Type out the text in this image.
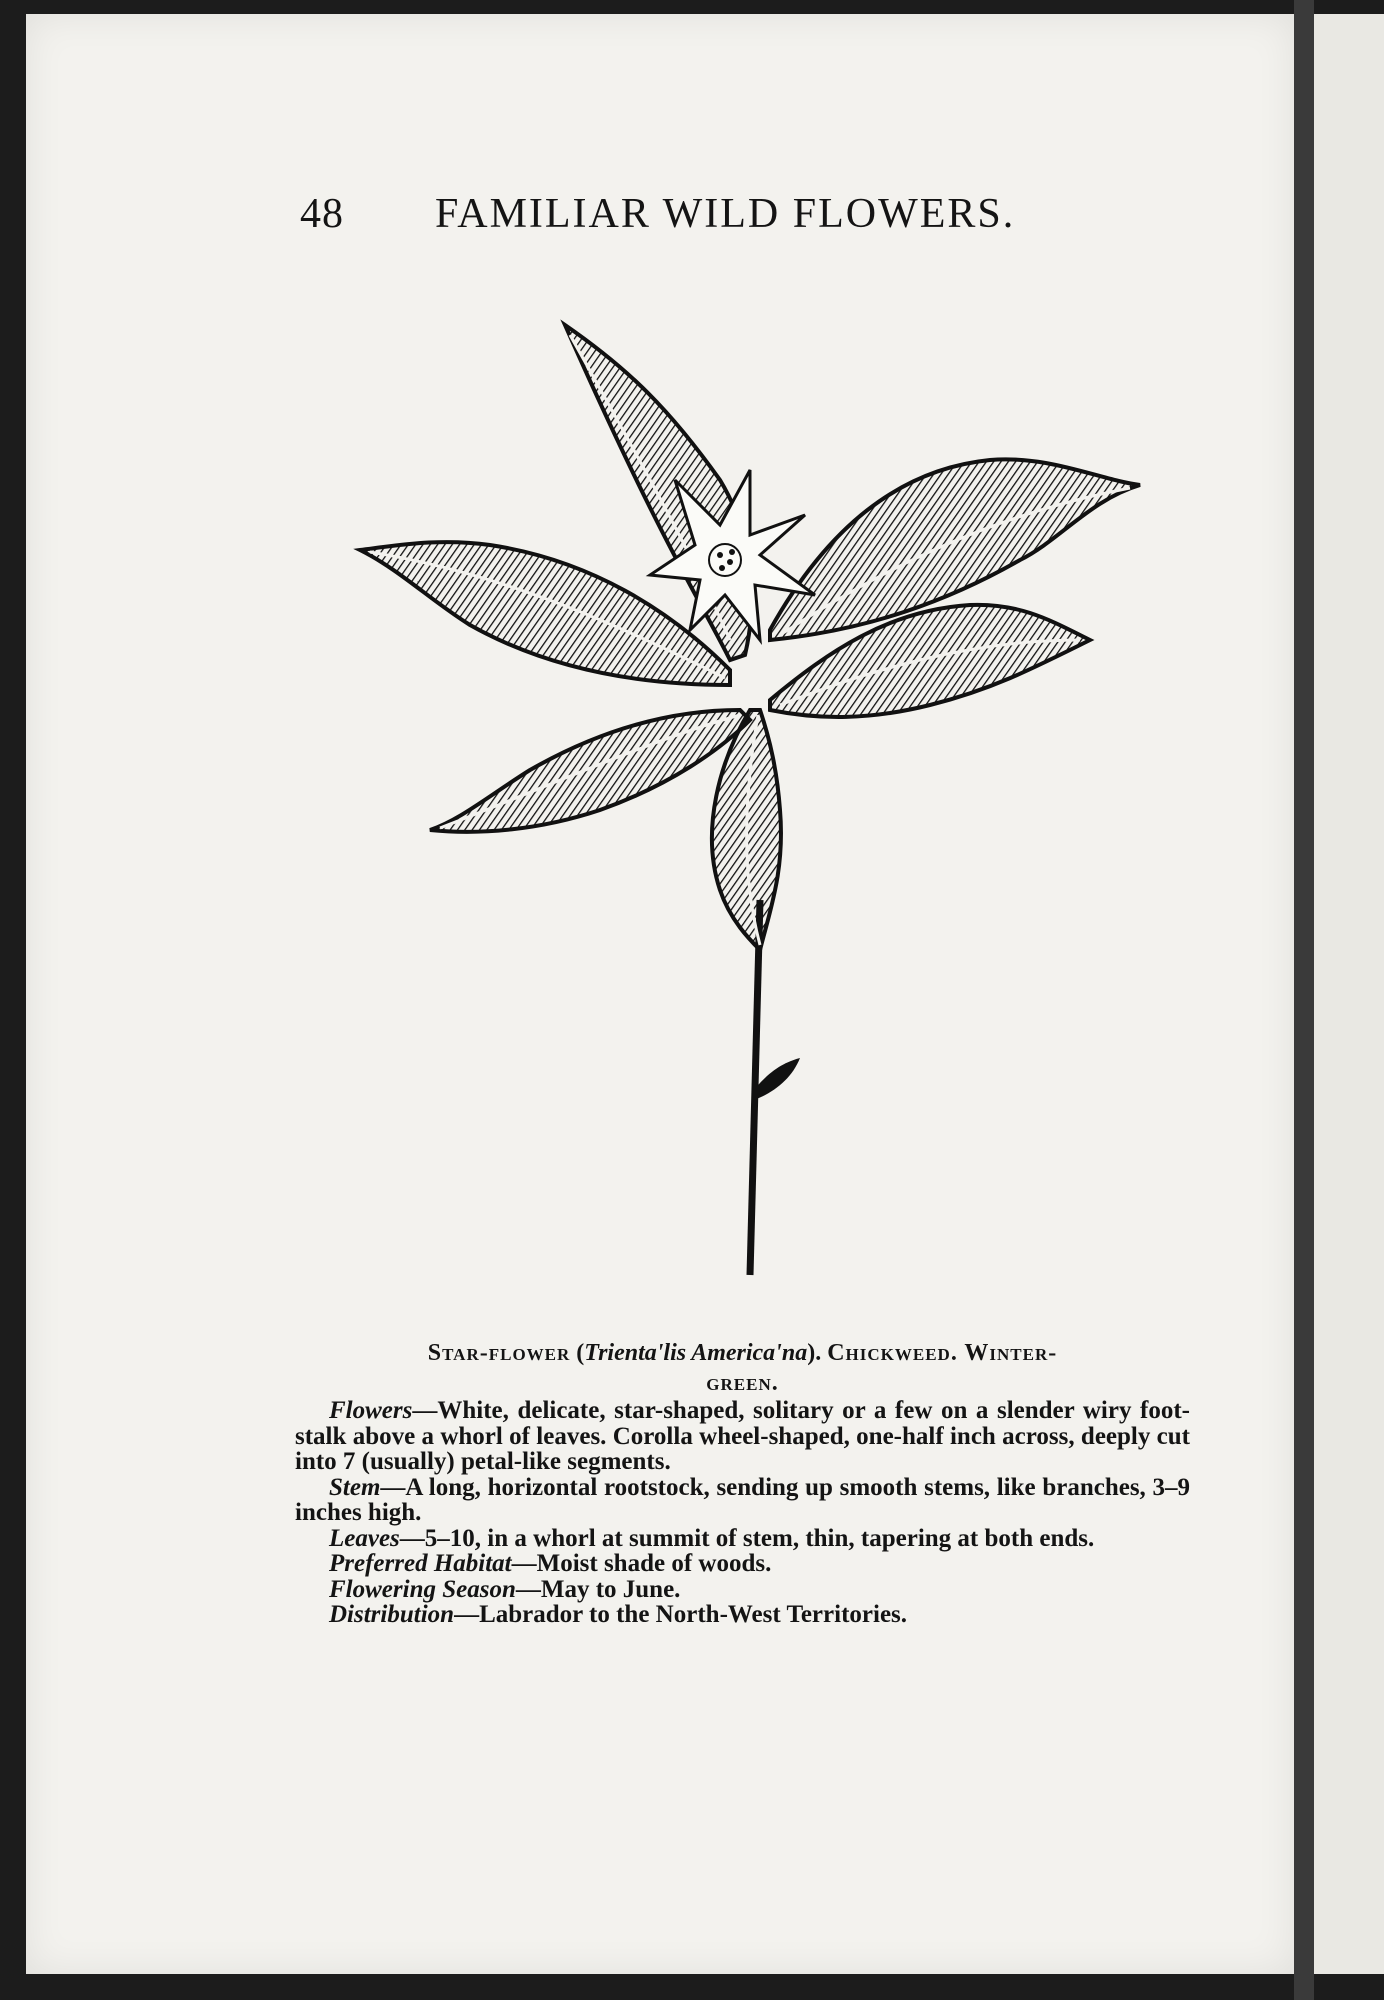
48 FAMILIAR WILD FLOWERS.
Star-flower (Trienta'lis America'na). Chickweed. Winter-
green.
Flowers—White, delicate, star-shaped, solitary or a few on a slender wiry foot-stalk above a whorl of leaves. Corolla wheel-shaped, one-half inch across, deeply cut into 7 (usually) petal-like segments.
Stem—A long, horizontal rootstock, sending up smooth stems, like branches, 3–9 inches high.
Leaves—5–10, in a whorl at summit of stem, thin, tapering at both ends.
Preferred Habitat—Moist shade of woods.
Flowering Season—May to June.
Distribution—Labrador to the North-West Territories.
